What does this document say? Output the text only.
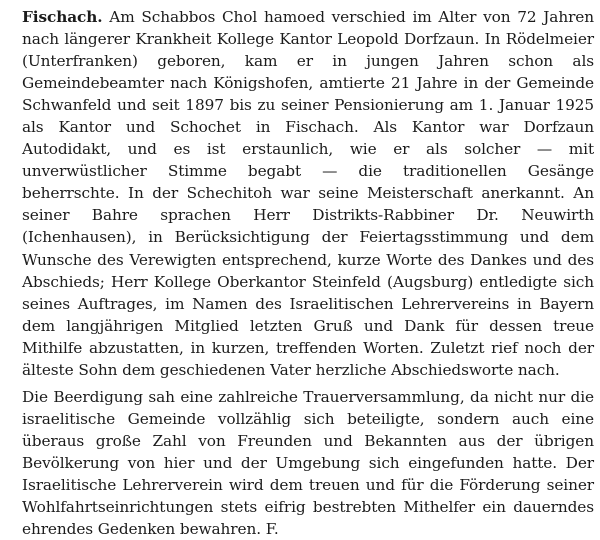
Fischach. Am Schabbos Chol hamoed verschied im Alter von 72 Jahren nach längerer Krankheit Kollege Kantor Leopold Dorfzaun. In Rödelmeier (Unterfranken) geboren, kam er in jungen Jahren schon als Gemeindebeamter nach Königshofen, amtierte 21 Jahre in der Gemeinde Schwanfeld und seit 1897 bis zu seiner Pensionierung am 1. Januar 1925 als Kantor und Schochet in Fischach. Als Kantor war Dorfzaun Autodidakt, und es ist erstaunlich, wie er als solcher — mit unverwüstlicher Stimme begabt — die traditionellen Gesänge beherrschte. In der Schechitoh war seine Meisterschaft anerkannt. An seiner Bahre sprachen Herr Distrikts-Rabbiner Dr. Neuwirth (Ichenhausen), in Berücksichtigung der Feiertagsstimmung und dem Wunsche des Verewigten entsprechend, kurze Worte des Dankes und des Abschieds; Herr Kollege Oberkantor Steinfeld (Augsburg) entledigte sich seines Auftrages, im Namen des Israelitischen Lehrervereins in Bayern dem langjährigen Mitglied letzten Gruß und Dank für dessen treue Mithilfe abzustatten, in kurzen, treffenden Worten. Zuletzt rief noch der älteste Sohn dem geschiedenen Vater herzliche Abschiedsworte nach.

Die Beerdigung sah eine zahlreiche Trauerversammlung, da nicht nur die israelitische Gemeinde vollzählig sich beteiligte, sondern auch eine überaus große Zahl von Freunden und Bekannten aus der übrigen Bevölkerung von hier und der Umgebung sich eingefunden hatte. Der Israelitische Lehrerverein wird dem treuen und für die Förderung seiner Wohlfahrtseinrichtungen stets eifrig bestrebten Mithelfer ein dauerndes ehrendes Gedenken bewahren. F.
